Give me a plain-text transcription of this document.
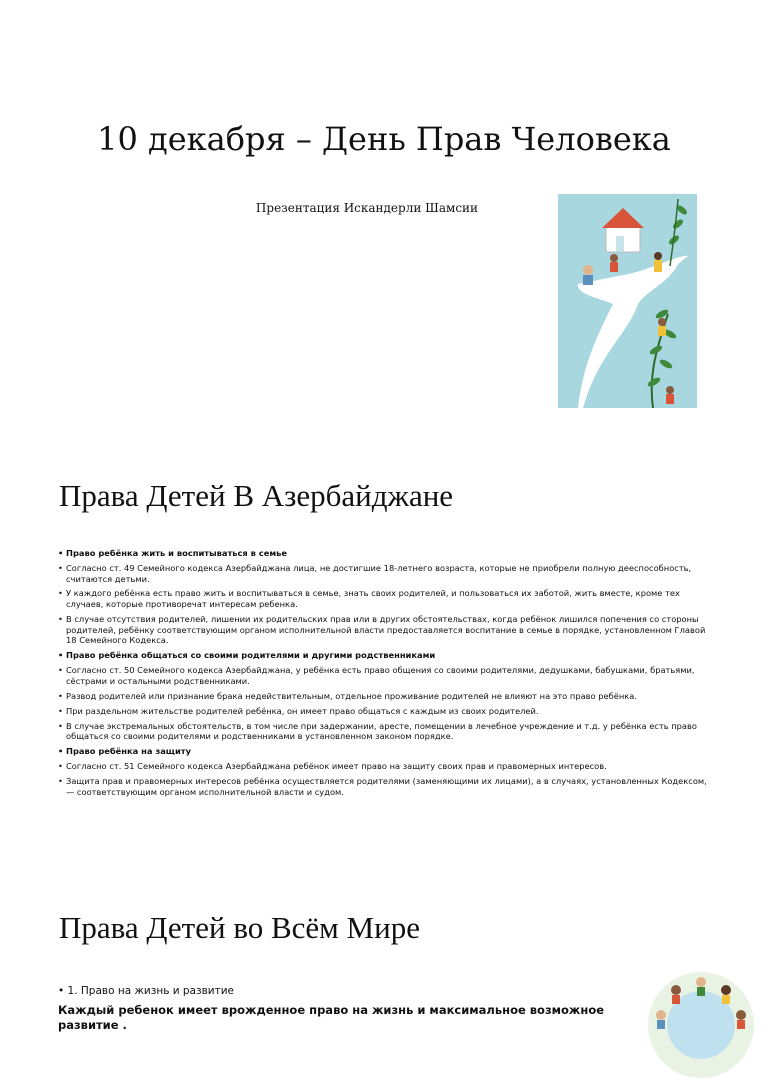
10 декабря – День Прав Человека

Презентация Искандерли Шамсии

Права Детей В Азербайджане
• Право ребёнка жить и воспитываться в семье
• Согласно ст. 49 Семейного кодекса Азербайджана лица, не достигшие 18-летнего возраста, которые не приобрели полную дееспособность, считаются детьми.
• У каждого ребёнка есть право жить и воспитываться в семье, знать своих родителей, и пользоваться их заботой, жить вместе, кроме тех случаев, которые противоречат интересам ребенка.
• В случае отсутствия родителей, лишении их родительских прав или в других обстоятельствах, когда ребёнок лишился попечения со стороны родителей, ребёнку соответствующим органом исполнительной власти предоставляется воспитание в семье в порядке, установленном Главой 18 Семейного Кодекса.
• Право ребёнка общаться со своими родителями и другими родственниками
• Согласно ст. 50 Семейного кодекса Азербайджана, у ребёнка есть право общения со своими родителями, дедушками, бабушками, братьями, сёстрами и остальными родственниками.
• Развод родителей или признание брака недействительным, отдельное проживание родителей не влияют на это право ребёнка.
• При раздельном жительстве родителей ребёнка, он имеет право общаться с каждым из своих родителей.
• В случае экстремальных обстоятельств, в том числе при задержании, аресте, помещении в лечебное учреждение и т.д. у ребёнка есть право общаться со своими родителями и родственниками в установленном законом порядке.
• Право ребёнка на защиту
• Согласно ст. 51 Семейного кодекса Азербайджана ребёнок имеет право на защиту своих прав и правомерных интересов.
• Защита прав и правомерных интересов ребёнка осуществляется родителями (заменяющими их лицами), а в случаях, установленных Кодексом, — соответствующим органом исполнительной власти и судом.
Права Детей во Всём Мире

• 1. Право на жизнь и развитие

Каждый ребенок имеет врожденное право на жизнь и максимальное возможное развитие .
